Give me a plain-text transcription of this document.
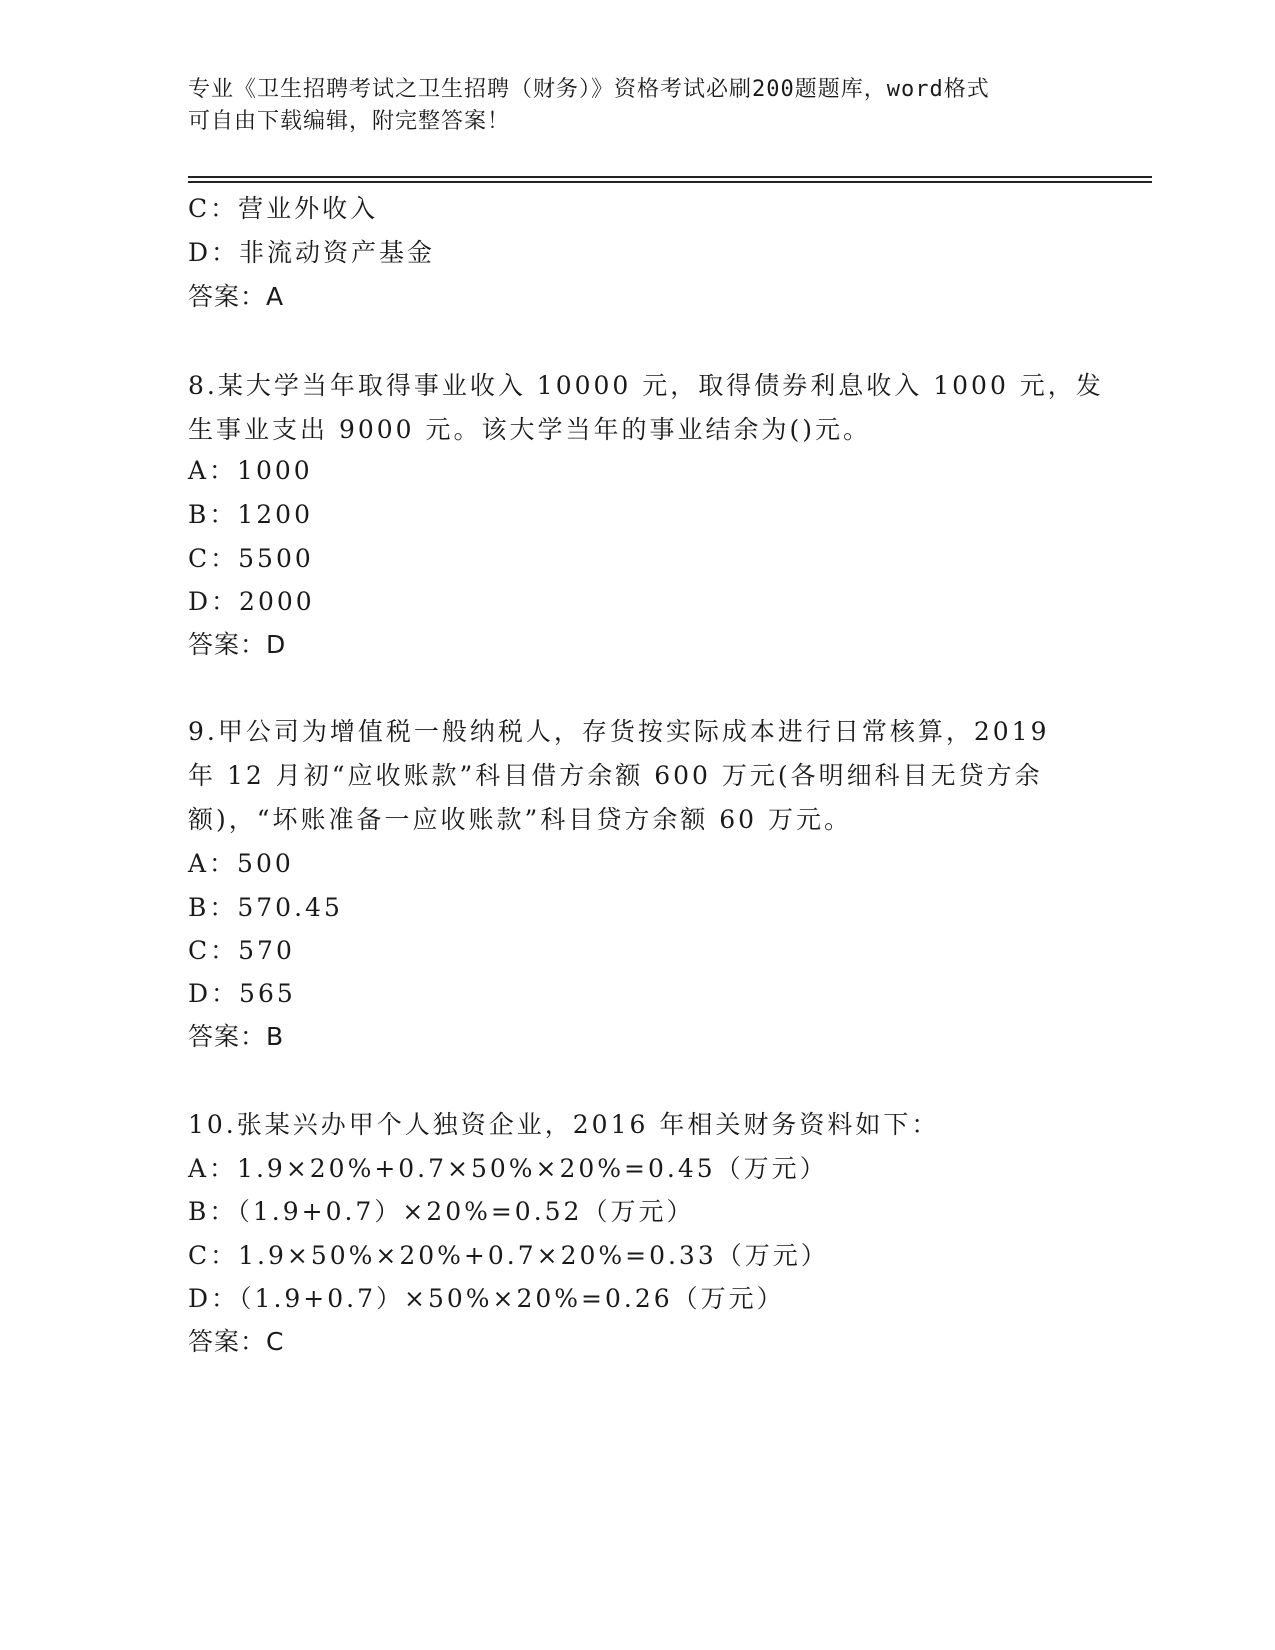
专业《卫生招聘考试之卫生招聘（财务）》资格考试必刷200题题库，word格式
可自由下载编辑，附完整答案！
C：营业外收入
D：非流动资产基金
答案：A
8.某大学当年取得事业收入 10000 元，取得债券利息收入 1000 元，发
生事业支出 9000 元。该大学当年的事业结余为()元。
A：1000
B：1200
C：5500
D：2000
答案：D
9.甲公司为增值税一般纳税人，存货按实际成本进行日常核算，2019
年 12 月初“应收账款”科目借方余额 600 万元(各明细科目无贷方余
额)，“坏账准备一应收账款”科目贷方余额 60 万元。
A：500
B：570.45
C：570
D：565
答案：B
10.张某兴办甲个人独资企业，2016 年相关财务资料如下：
A：1.9×20%+0.7×50%×20%=0.45（万元）
B：（1.9+0.7）×20%=0.52（万元）
C：1.9×50%×20%+0.7×20%=0.33（万元）
D：（1.9+0.7）×50%×20%=0.26（万元）
答案：C
